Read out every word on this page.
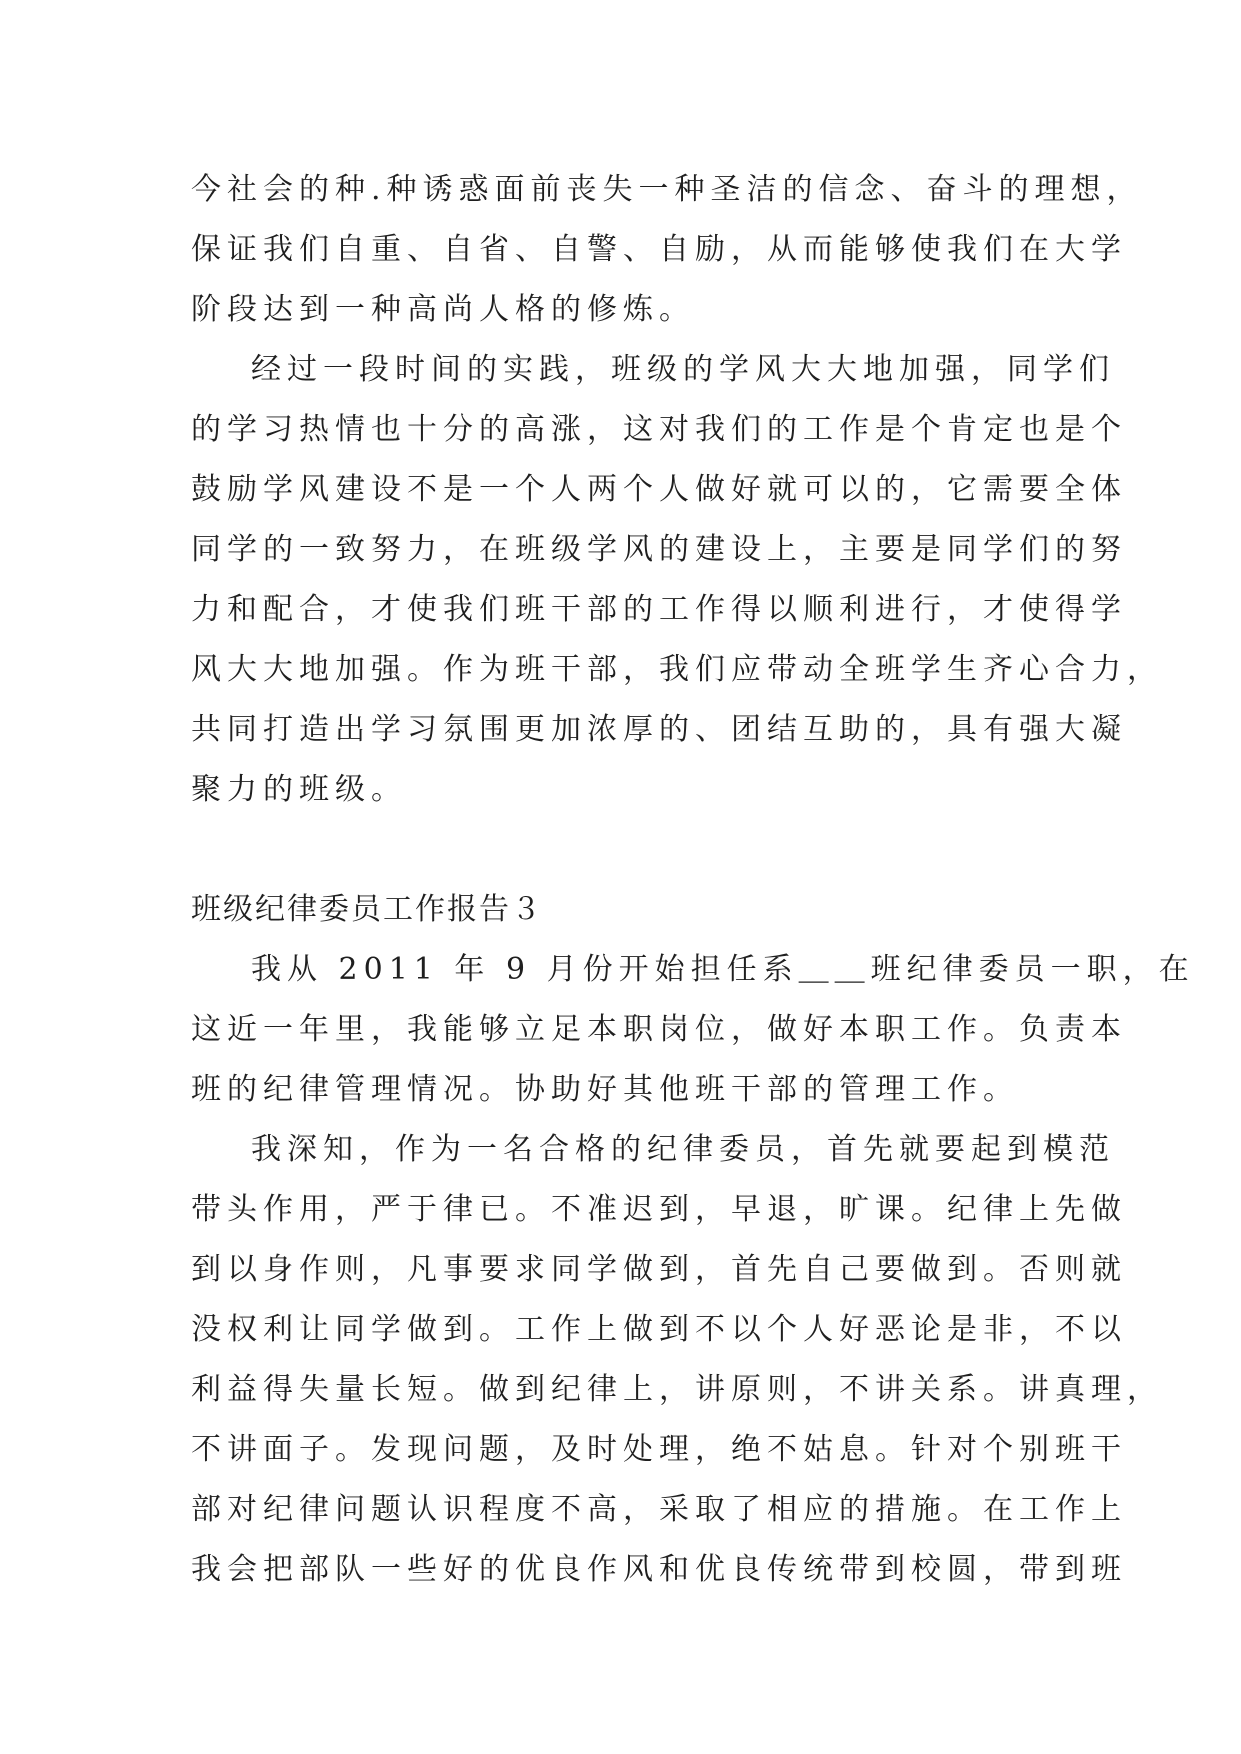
今社会的种.种诱惑面前丧失一种圣洁的信念、奋斗的理想，
保证我们自重、自省、自警、自励，从而能够使我们在大学
阶段达到一种高尚人格的修炼。
经过一段时间的实践，班级的学风大大地加强，同学们
的学习热情也十分的高涨，这对我们的工作是个肯定也是个
鼓励学风建设不是一个人两个人做好就可以的，它需要全体
同学的一致努力，在班级学风的建设上，主要是同学们的努
力和配合，才使我们班干部的工作得以顺利进行，才使得学
风大大地加强。作为班干部，我们应带动全班学生齐心合力，
共同打造出学习氛围更加浓厚的、团结互助的，具有强大凝
聚力的班级。
班级纪律委员工作报告３
我从 2011 年 9 月份开始担任系＿＿班纪律委员一职，在
这近一年里，我能够立足本职岗位，做好本职工作。负责本
班的纪律管理情况。协助好其他班干部的管理工作。
我深知，作为一名合格的纪律委员，首先就要起到模范
带头作用，严于律已。不准迟到，早退，旷课。纪律上先做
到以身作则，凡事要求同学做到，首先自己要做到。否则就
没权利让同学做到。工作上做到不以个人好恶论是非，不以
利益得失量长短。做到纪律上，讲原则，不讲关系。讲真理，
不讲面子。发现问题，及时处理，绝不姑息。针对个别班干
部对纪律问题认识程度不高，采取了相应的措施。在工作上
我会把部队一些好的优良作风和优良传统带到校圆，带到班
